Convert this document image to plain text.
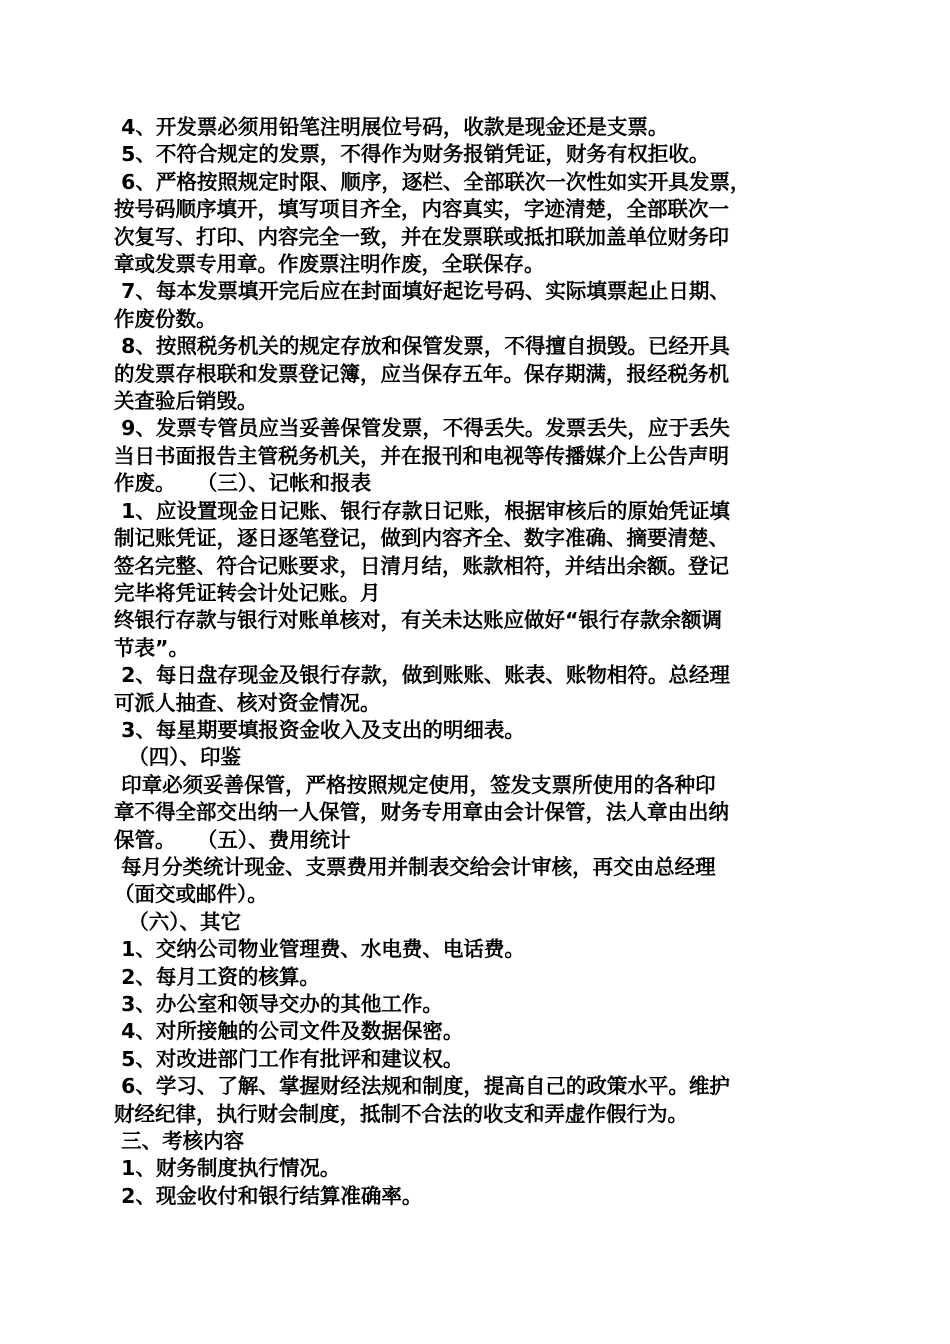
4、开发票必须用铅笔注明展位号码，收款是现金还是支票。

5、不符合规定的发票，不得作为财务报销凭证，财务有权拒收。

6、严格按照规定时限、顺序，逐栏、全部联次一次性如实开具发票，

按号码顺序填开，填写项目齐全，内容真实，字迹清楚，全部联次一

次复写、打印、内容完全一致，并在发票联或抵扣联加盖单位财务印

章或发票专用章。作废票注明作废，全联保存。

7、每本发票填开完后应在封面填好起讫号码、实际填票起止日期、

作废份数。

8、按照税务机关的规定存放和保管发票，不得擅自损毁。已经开具

的发票存根联和发票登记簿，应当保存五年。保存期满，报经税务机

关查验后销毁。

9、发票专管员应当妥善保管发票，不得丢失。发票丢失，应于丢失

当日书面报告主管税务机关，并在报刊和电视等传播媒介上公告声明

作废。   （三）、记帐和报表

1、应设置现金日记账、银行存款日记账，根据审核后的原始凭证填

制记账凭证，逐日逐笔登记，做到内容齐全、数字准确、摘要清楚、

签名完整、符合记账要求，日清月结，账款相符，并结出余额。登记

完毕将凭证转会计处记账。月

终银行存款与银行对账单核对，有关未达账应做好“银行存款余额调

节表”。

2、每日盘存现金及银行存款，做到账账、账表、账物相符。总经理

可派人抽查、核对资金情况。

3、每星期要填报资金收入及支出的明细表。

（四）、印鉴

印章必须妥善保管，严格按照规定使用，签发支票所使用的各种印

章不得全部交出纳一人保管，财务专用章由会计保管，法人章由出纳

保管。   （五）、费用统计

每月分类统计现金、支票费用并制表交给会计审核，再交由总经理

（面交或邮件）。

（六）、其它

1、交纳公司物业管理费、水电费、电话费。

2、每月工资的核算。

3、办公室和领导交办的其他工作。

4、对所接触的公司文件及数据保密。

5、对改进部门工作有批评和建议权。

6、学习、了解、掌握财经法规和制度，提高自己的政策水平。维护

财经纪律，执行财会制度，抵制不合法的收支和弄虚作假行为。

三、考核内容

1、财务制度执行情况。

2、现金收付和银行结算准确率。
